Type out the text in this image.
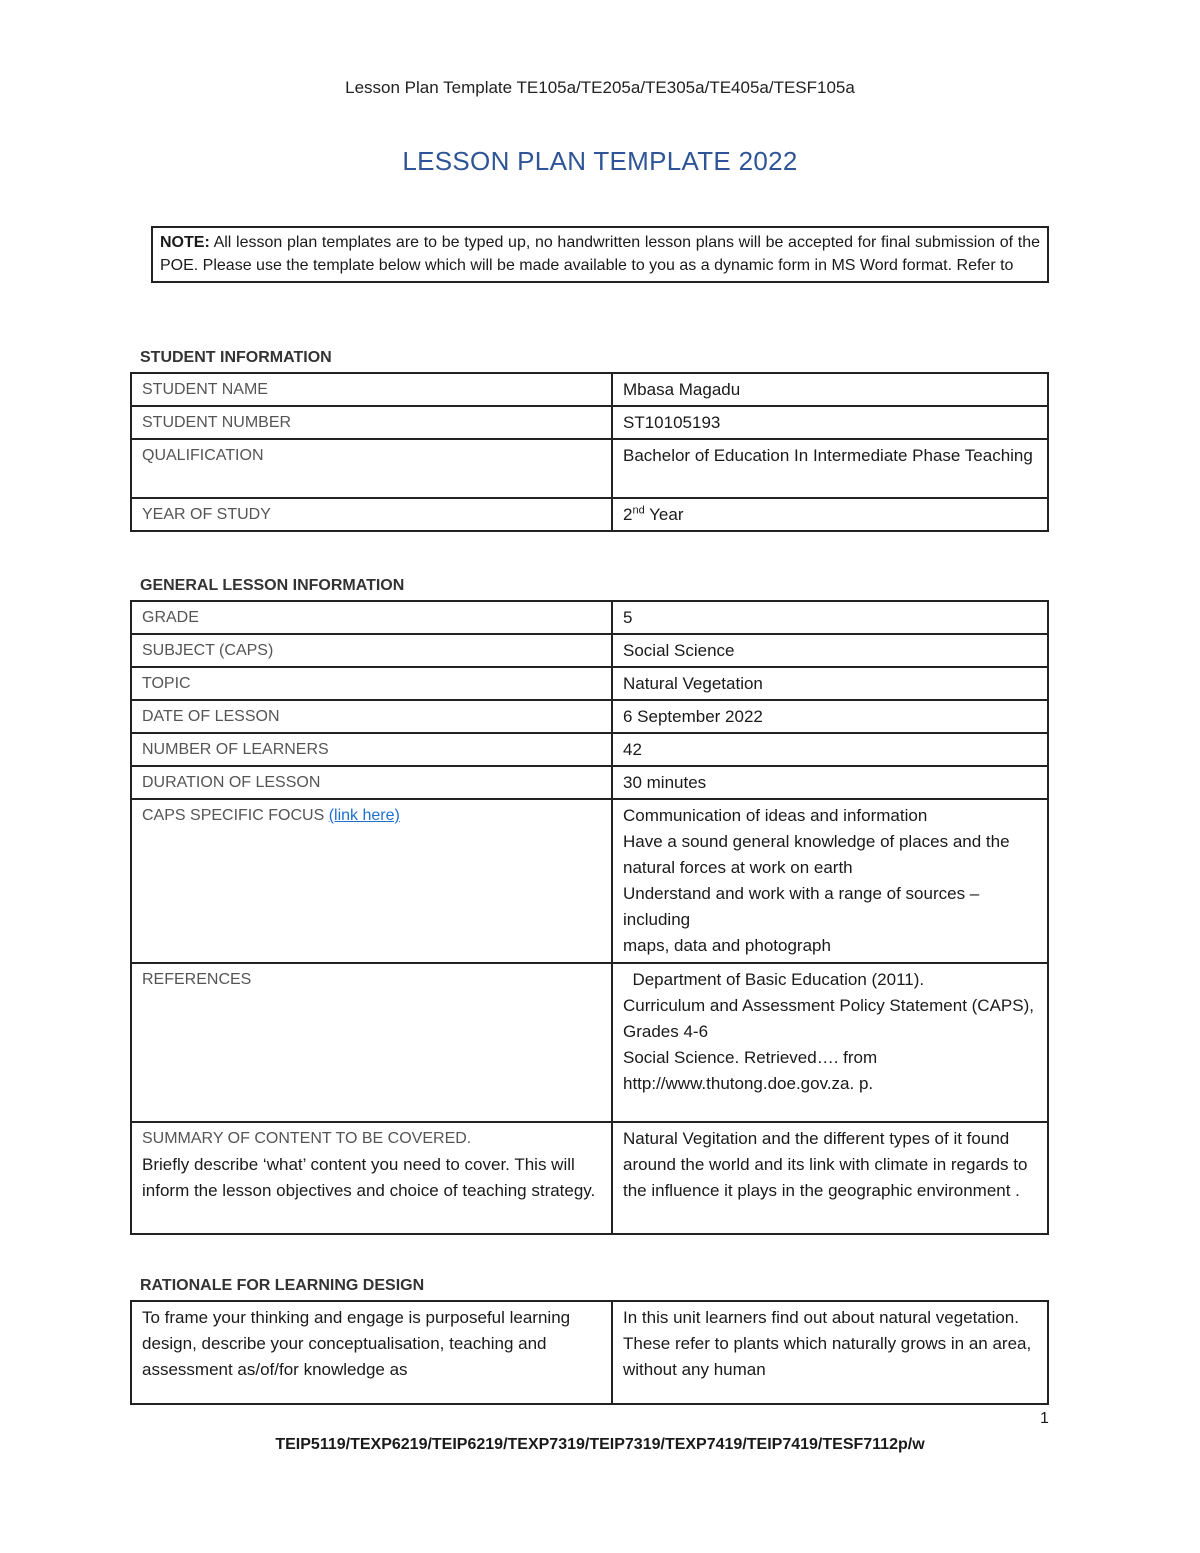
Lesson Plan Template TE105a/TE205a/TE305a/TE405a/TESF105a
LESSON PLAN TEMPLATE 2022
NOTE: All lesson plan templates are to be typed up, no handwritten lesson plans will be accepted for final submission of the POE. Please use the template below which will be made available to you as a dynamic form in MS Word format. Refer to
STUDENT INFORMATION
STUDENT NAME	Mbasa Magadu
STUDENT NUMBER	ST10105193
QUALIFICATION	Bachelor of Education In Intermediate Phase Teaching
YEAR OF STUDY	2nd Year
GENERAL LESSON INFORMATION
GRADE	5
SUBJECT (CAPS)	Social Science
TOPIC	Natural Vegetation
DATE OF LESSON	6 September 2022
NUMBER OF LEARNERS	42
DURATION OF LESSON	30 minutes
CAPS SPECIFIC FOCUS (link here)	Communication of ideas and information
Have a sound general knowledge of places and the natural forces at work on earth
Understand and work with a range of sources – including
maps, data and photograph

REFERENCES	Department of Basic Education (2011).
Curriculum and Assessment Policy Statement (CAPS), Grades 4-6
Social Science. Retrieved…. from
http://www.thutong.doe.gov.za. p.

SUMMARY OF CONTENT TO BE COVERED.
Briefly describe ‘what’ content you need to cover. This will inform the lesson objectives and choice of teaching strategy.	Natural Vegitation and the different types of it found around the world and its link with climate in regards to the influence it plays in the geographic environment .
RATIONALE FOR LEARNING DESIGN
To frame your thinking and engage is purposeful learning design, describe your conceptualisation, teaching and assessment as/of/for knowledge as	In this unit learners find out about natural vegetation. These refer to plants which naturally grows in an area, without any human
1
TEIP5119/TEXP6219/TEIP6219/TEXP7319/TEIP7319/TEXP7419/TEIP7419/TESF7112p/w
